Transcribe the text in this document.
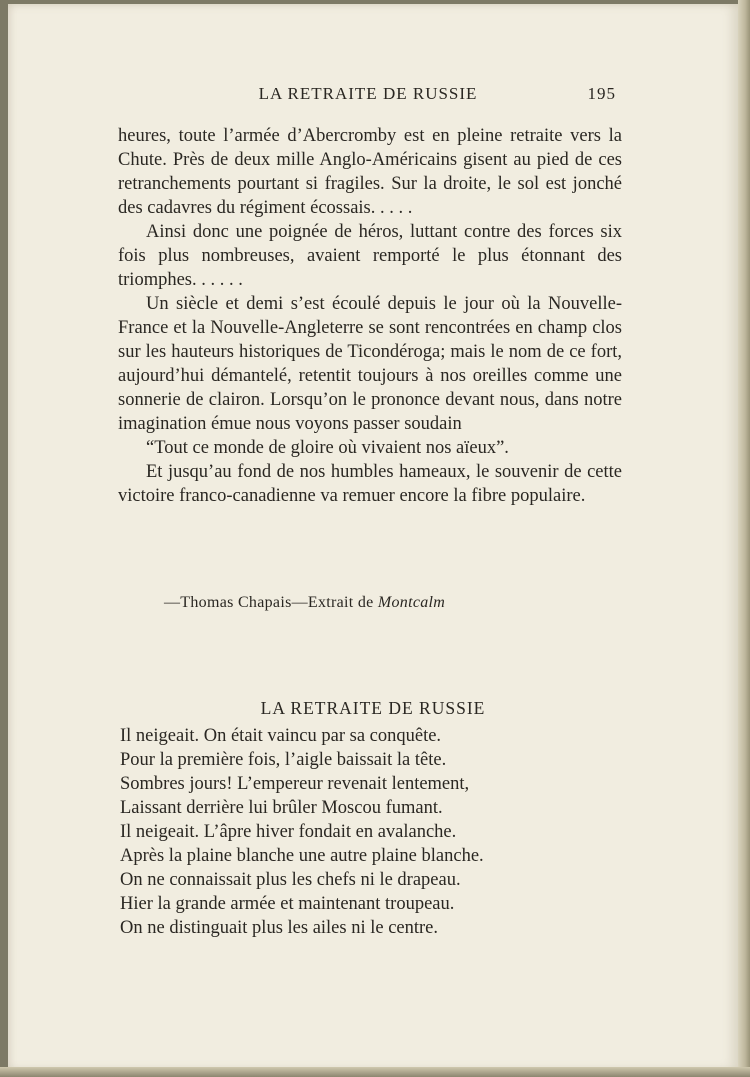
LA RETRAITE DE RUSSIE	195

heures, toute l’armée d’Abercromby est en pleine retraite vers la Chute. Près de deux mille Anglo-Américains gisent au pied de ces retranchements pourtant si fragiles. Sur la droite, le sol est jonché des cadavres du régiment écossais. . . . .

Ainsi donc une poignée de héros, luttant contre des forces six fois plus nombreuses, avaient remporté le plus étonnant des triomphes. . . . . .

Un siècle et demi s’est écoulé depuis le jour où la Nouvelle-France et la Nouvelle-Angleterre se sont rencontrées en champ clos sur les hauteurs historiques de Ticondéroga; mais le nom de ce fort, aujourd’hui démantelé, retentit toujours à nos oreilles comme une sonnerie de clairon. Lorsqu’on le prononce devant nous, dans notre imagination émue nous voyons passer soudain

“Tout ce monde de gloire où vivaient nos aïeux”.

Et jusqu’au fond de nos humbles hameaux, le souvenir de cette victoire franco-canadienne va remuer encore la fibre populaire.

—Thomas Chapais—Extrait de Montcalm
LA RETRAITE DE RUSSIE
Il neigeait. On était vaincu par sa conquête.
Pour la première fois, l’aigle baissait la tête.
Sombres jours! L’empereur revenait lentement,
Laissant derrière lui brûler Moscou fumant.
Il neigeait. L’âpre hiver fondait en avalanche.
Après la plaine blanche une autre plaine blanche.
On ne connaissait plus les chefs ni le drapeau.
Hier la grande armée et maintenant troupeau.
On ne distinguait plus les ailes ni le centre.
